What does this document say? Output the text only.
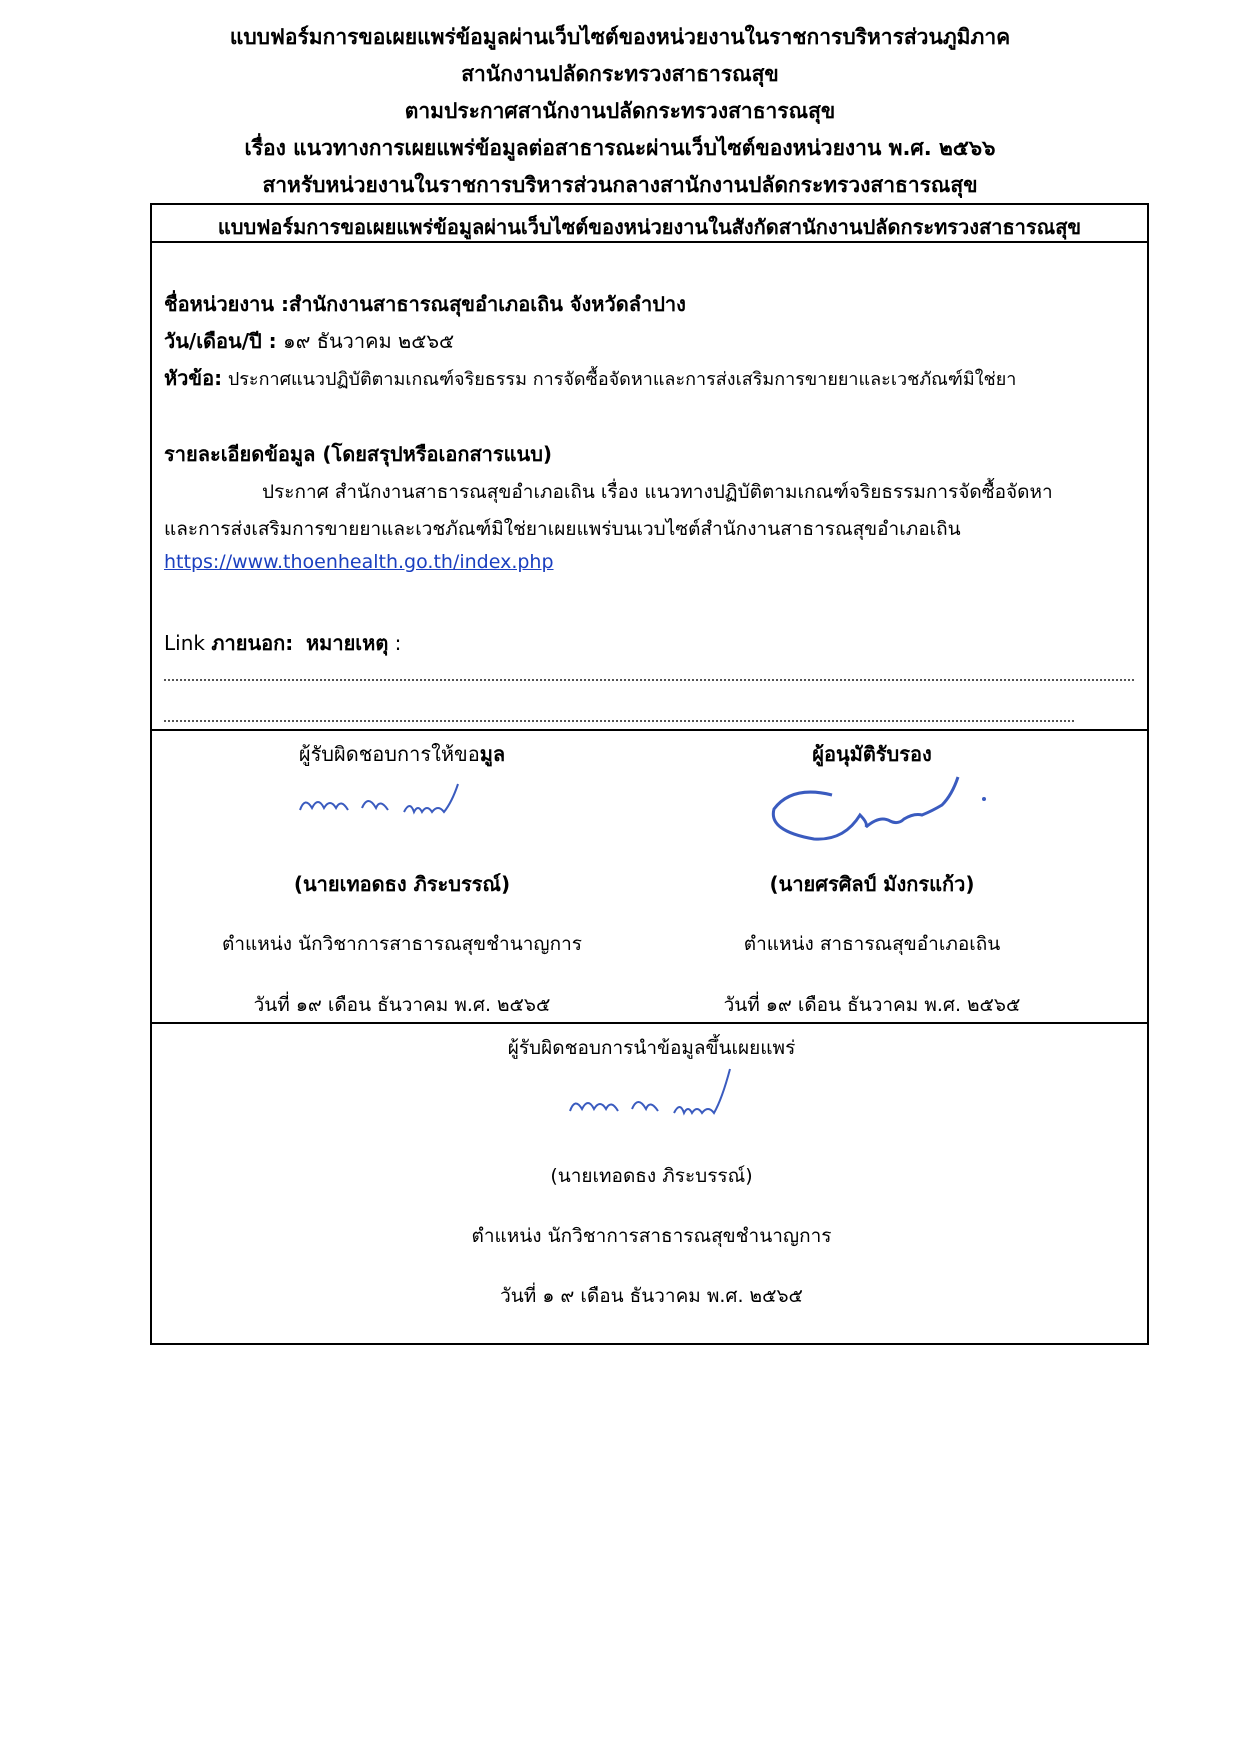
แบบฟอร์มการขอเผยแพร่ข้อมูลผ่านเว็บไซต์ของหน่วยงานในราชการบริหารส่วนภูมิภาค
สานักงานปลัดกระทรวงสาธารณสุข
ตามประกาศสานักงานปลัดกระทรวงสาธารณสุข
เรื่อง แนวทางการเผยแพร่ข้อมูลต่อสาธารณะผ่านเว็บไซต์ของหน่วยงาน พ.ศ. ๒๕๖๖
สาหรับหน่วยงานในราชการบริหารส่วนกลางสานักงานปลัดกระทรวงสาธารณสุข
แบบฟอร์มการขอเผยแพร่ข้อมูลผ่านเว็บไซต์ของหน่วยงานในสังกัดสานักงานปลัดกระทรวงสาธารณสุข
ชื่อหน่วยงาน :สำนักงานสาธารณสุขอำเภอเถิน จังหวัดลำปาง
วัน/เดือน/ปี : ๑๙ ธันวาคม ๒๕๖๕
หัวข้อ: ประกาศแนวปฏิบัติตามเกณฑ์จริยธรรม การจัดซื้อจัดหาและการส่งเสริมการขายยาและเวชภัณฑ์มิใช่ยา
รายละเอียดข้อมูล (โดยสรุปหรือเอกสารแนบ)
ประกาศ สำนักงานสาธารณสุขอำเภอเถิน เรื่อง แนวทางปฏิบัติตามเกณฑ์จริยธรรมการจัดซื้อจัดหา
และการส่งเสริมการขายยาและเวชภัณฑ์มิใช่ยาเผยแพร่บนเวบไซต์สำนักงานสาธารณสุขอำเภอเถิน
https://www.thoenhealth.go.th/index.php
Link ภายนอก: หมายเหตุ :
ผู้รับผิดชอบการให้ขอมูล
(นายเทอดธง ภิระบรรณ์)
ตำแหน่ง นักวิชาการสาธารณสุขชำนาญการ
วันที่ ๑๙ เดือน ธันวาคม พ.ศ. ๒๕๖๕
ผู้อนุมัติรับรอง
(นายศรศิลป์ มังกรแก้ว)
ตำแหน่ง สาธารณสุขอำเภอเถิน
วันที่ ๑๙ เดือน ธันวาคม พ.ศ. ๒๕๖๕
ผู้รับผิดชอบการนำข้อมูลขึ้นเผยแพร่
(นายเทอดธง ภิระบรรณ์)
ตำแหน่ง นักวิชาการสาธารณสุขชำนาญการ
วันที่ ๑ ๙ เดือน ธันวาคม พ.ศ. ๒๕๖๕
